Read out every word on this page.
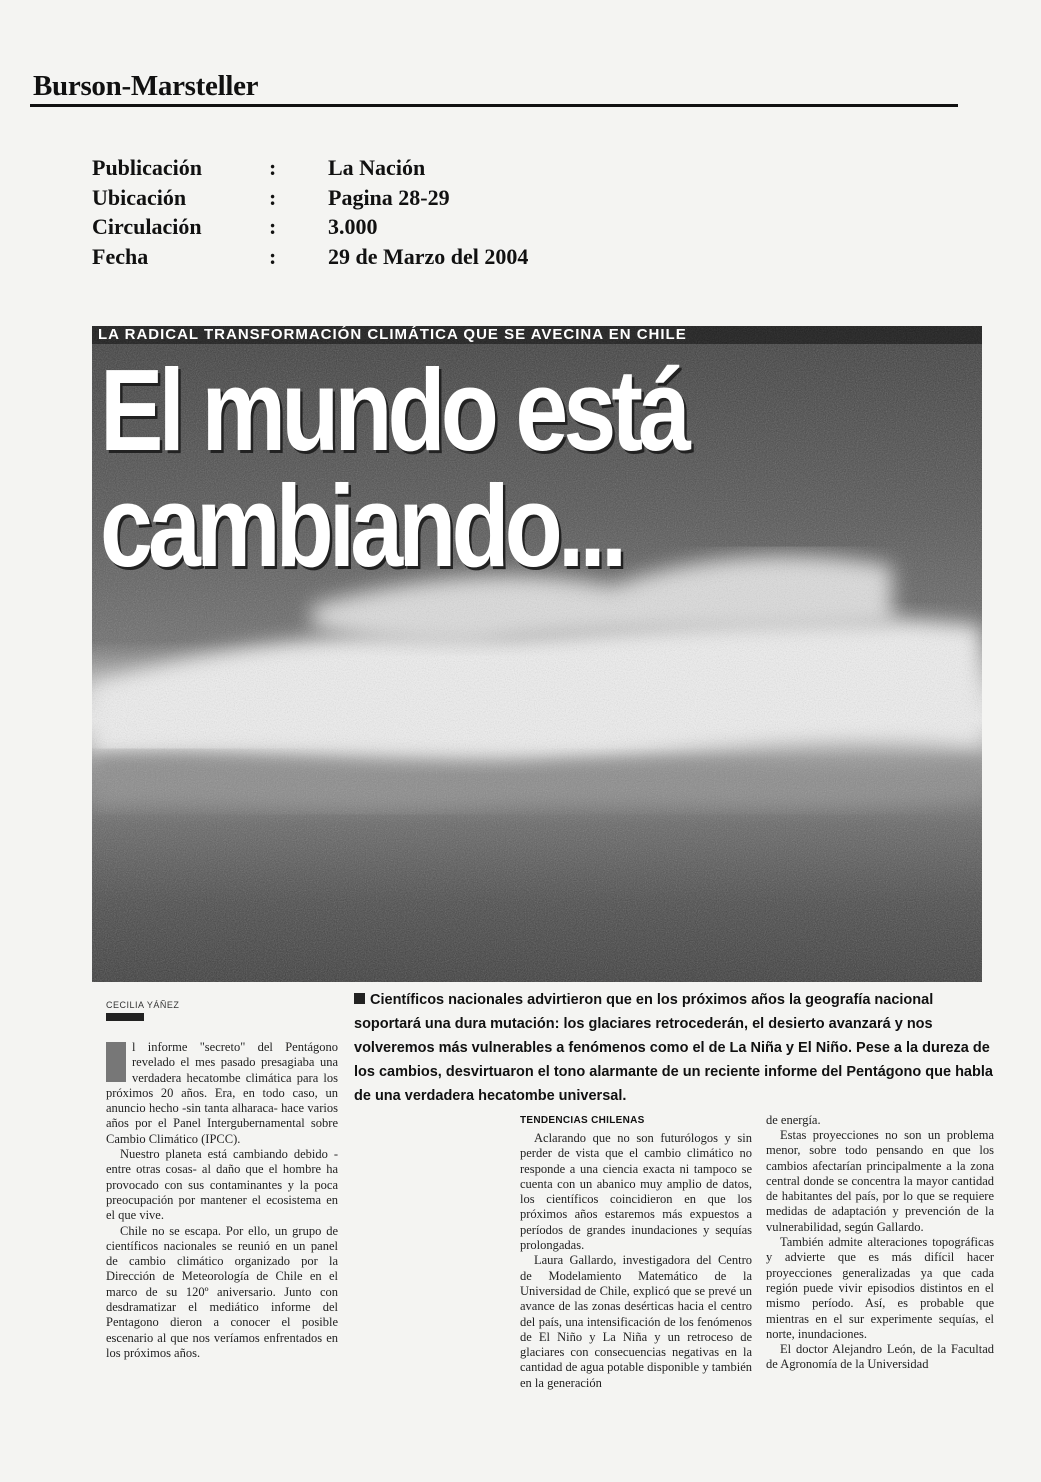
Burson-Marsteller
Publicación	: La Nación
Ubicación	: Pagina 28-29
Circulación	: 3.000
Fecha	: 29 de Marzo del 2004
LA RADICAL TRANSFORMACIÓN CLIMÁTICA QUE SE AVECINA EN CHILE
El mundo está
cambiando...
CECILIA YÁÑEZ	Científicos nacionales advirtieron que en los próximos años la geografía nacional soportará una dura mutación: los glaciares retrocederán, el desierto avanzará y nos volveremos más vulnerables a fenómenos como el de La Niña y El Niño. Pese a la dureza de los cambios, desvirtuaron el tono alarmante de un reciente informe del Pentágono que habla de una verdadera hecatombe universal.

l informe "secreto" del Pentágono revelado el mes pasado presagiaba una verdadera hecatombe climática para los próximos 20 años. Era, en todo caso, un anuncio hecho -sin tanta alharaca- hace varios años por el Panel Intergubernamental sobre Cambio Climático (IPCC).

Nuestro planeta está cambiando debido -entre otras cosas- al daño que el hombre ha provocado con sus contaminantes y la poca preocupación por mantener el ecosistema en el que vive.

Chile no se escapa. Por ello, un grupo de científicos nacionales se reunió en un panel de cambio climático organizado por la Dirección de Meteorología de Chile en el marco de su 120º aniversario. Junto con desdramatizar el mediático informe del Pentagono dieron a conocer el posible escenario al que nos veríamos enfrentados en los próximos años.

TENDENCIAS CHILENAS

Aclarando que no son futurólogos y sin perder de vista que el cambio climático no responde a una ciencia exacta ni tampoco se cuenta con un abanico muy amplio de datos, los científicos coincidieron en que los próximos años estaremos más expuestos a períodos de grandes inundaciones y sequías prolongadas.

Laura Gallardo, investigadora del Centro de Modelamiento Matemático de la Universidad de Chile, explicó que se prevé un avance de las zonas desérticas hacia el centro del país, una intensificación de los fenómenos de El Niño y La Niña y un retroceso de glaciares con consecuencias negativas en la cantidad de agua potable disponible y también en la generación

de energía.

Estas proyecciones no son un problema menor, sobre todo pensando en que los cambios afectarían principalmente a la zona central donde se concentra la mayor cantidad de habitantes del país, por lo que se requiere medidas de adaptación y prevención de la vulnerabilidad, según Gallardo.

También admite alteraciones topográficas y advierte que es más difícil hacer proyecciones generalizadas ya que cada región puede vivir episodios distintos en el mismo período. Así, es probable que mientras en el sur experimente sequías, el norte, inundaciones.

El doctor Alejandro León, de la Facultad de Agronomía de la Universidad
